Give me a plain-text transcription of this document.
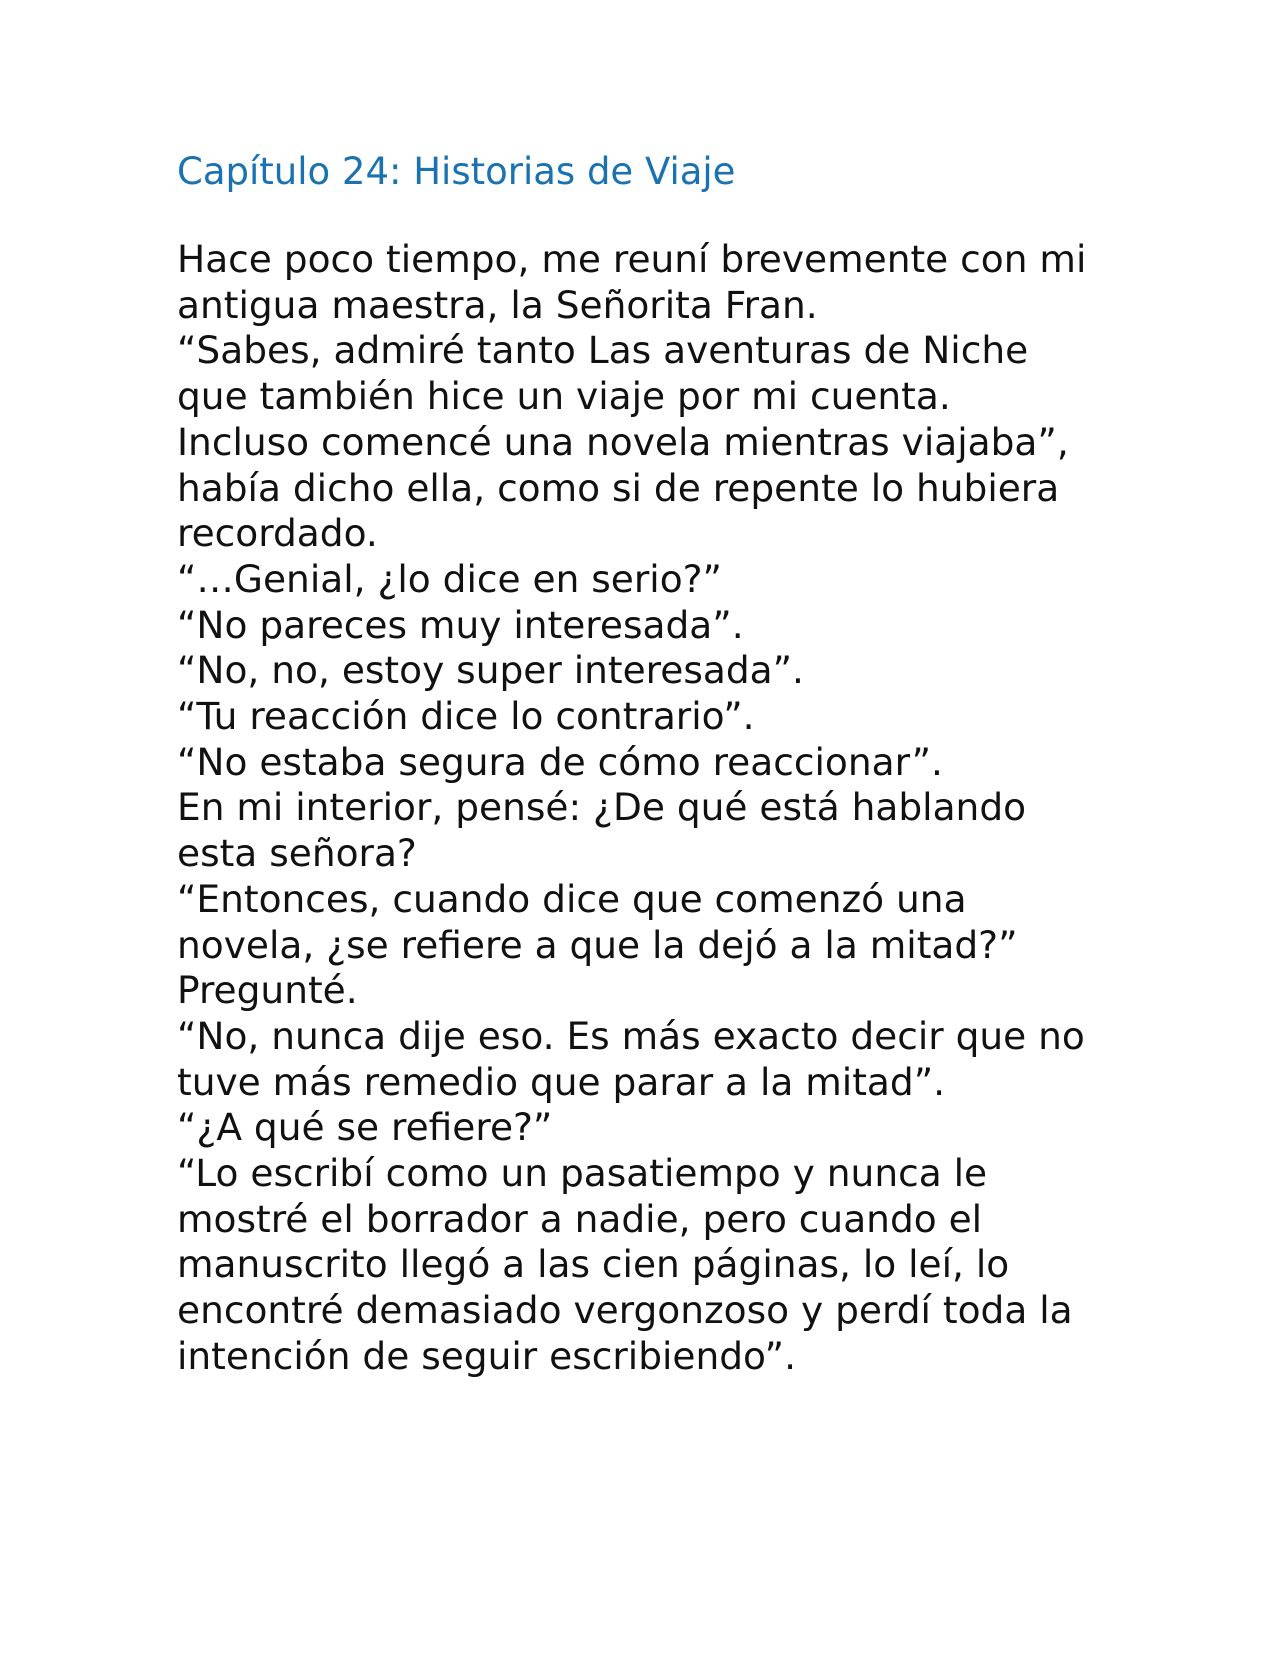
Capítulo 24: Historias de Viaje
Hace poco tiempo, me reuní brevemente con mi
antigua maestra, la Señorita Fran.
“Sabes, admiré tanto Las aventuras de Niche
que también hice un viaje por mi cuenta.
Incluso comencé una novela mientras viajaba”,
había dicho ella, como si de repente lo hubiera
recordado.
“…Genial, ¿lo dice en serio?”
“No pareces muy interesada”.
“No, no, estoy super interesada”.
“Tu reacción dice lo contrario”.
“No estaba segura de cómo reaccionar”.
En mi interior, pensé: ¿De qué está hablando
esta señora?
“Entonces, cuando dice que comenzó una
novela, ¿se refiere a que la dejó a la mitad?”
Pregunté.
“No, nunca dije eso. Es más exacto decir que no
tuve más remedio que parar a la mitad”.
“¿A qué se refiere?”
“Lo escribí como un pasatiempo y nunca le
mostré el borrador a nadie, pero cuando el
manuscrito llegó a las cien páginas, lo leí, lo
encontré demasiado vergonzoso y perdí toda la
intención de seguir escribiendo”.
